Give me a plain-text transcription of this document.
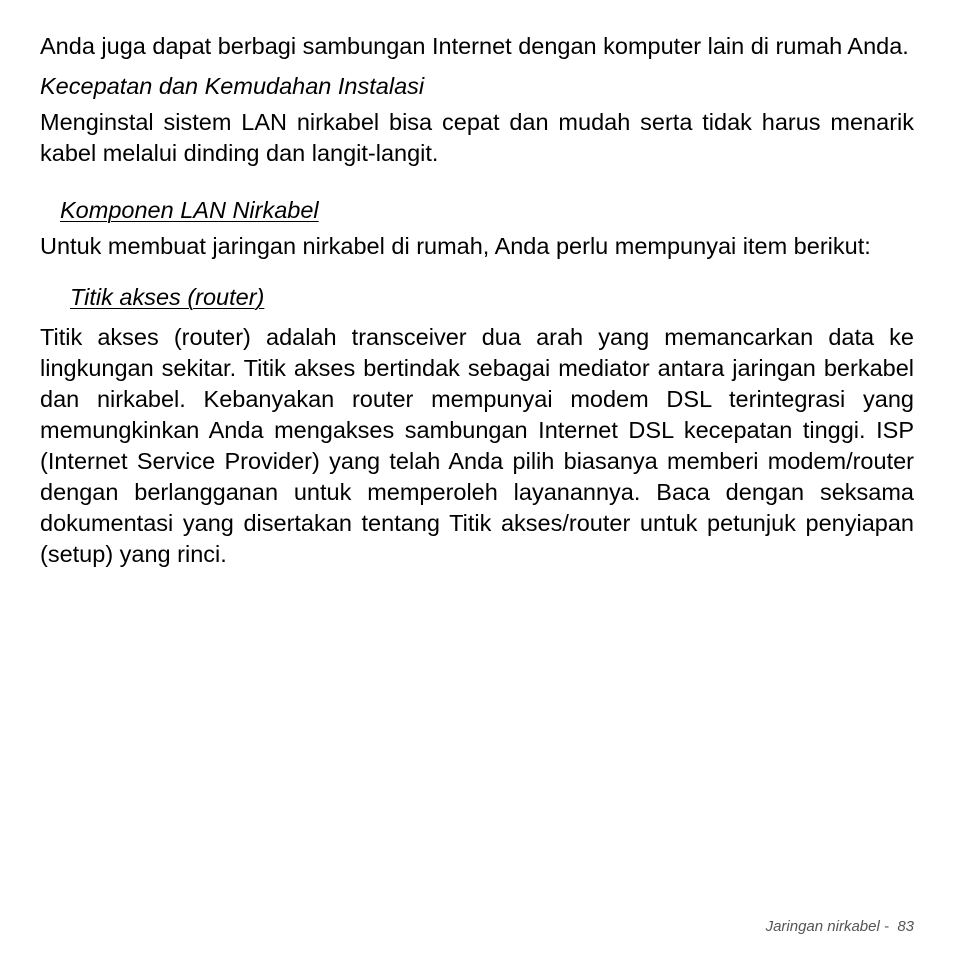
Anda juga dapat berbagi sambungan Internet dengan komputer lain di rumah Anda.

Kecepatan dan Kemudahan Instalasi

Menginstal sistem LAN nirkabel bisa cepat dan mudah serta tidak harus menarik kabel melalui dinding dan langit-langit.

Komponen LAN Nirkabel

Untuk membuat jaringan nirkabel di rumah, Anda perlu mempunyai item berikut:

Titik akses (router)

Titik akses (router) adalah transceiver dua arah yang memancarkan data ke lingkungan sekitar. Titik akses bertindak sebagai mediator antara jaringan berkabel dan nirkabel. Kebanyakan router mempunyai modem DSL terintegrasi yang memungkinkan Anda mengakses sambungan Internet DSL kecepatan tinggi. ISP (Internet Service Provider) yang telah Anda pilih biasanya memberi modem/router dengan berlangganan untuk memperoleh layanannya. Baca dengan seksama dokumentasi yang disertakan tentang Titik akses/router untuk petunjuk penyiapan (setup) yang rinci.

Jaringan nirkabel - 83
